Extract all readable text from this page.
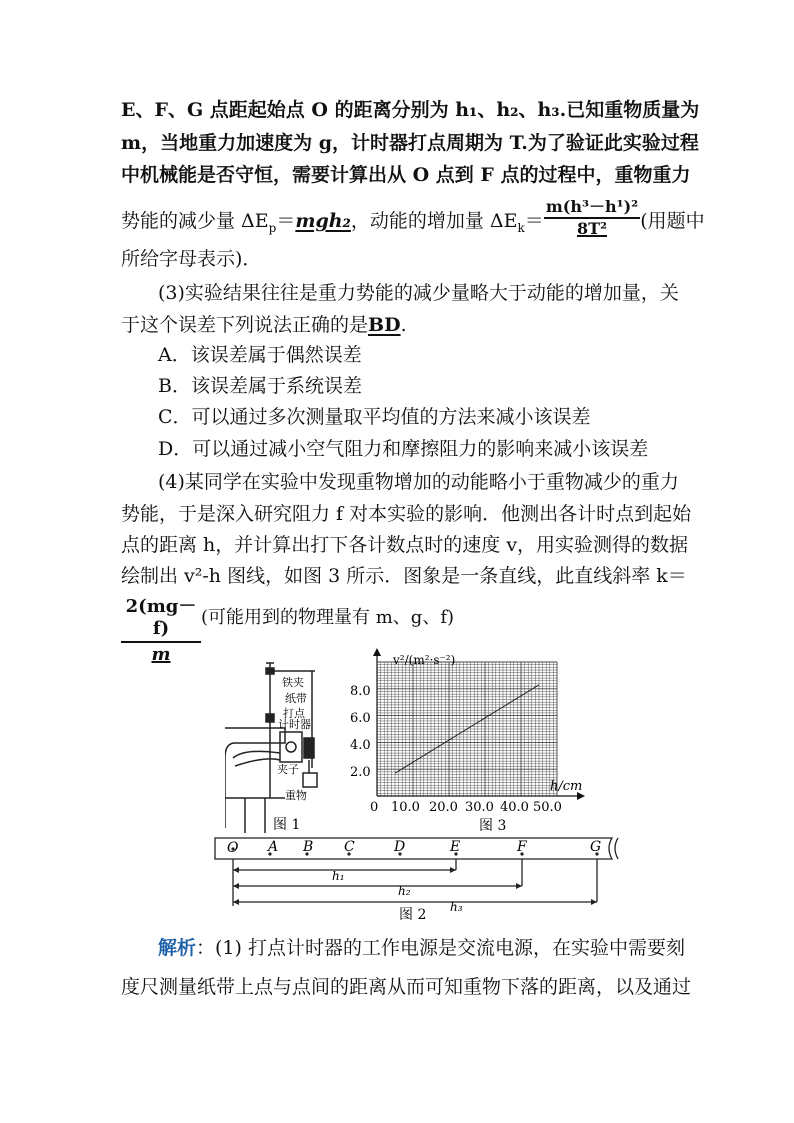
E、F、G 点距起始点 O 的距离分别为 h₁、h₂、h₃.已知重物质量为
m，当地重力加速度为 g，计时器打点周期为 T.为了验证此实验过程
中机械能是否守恒，需要计算出从 O 点到 F 点的过程中，重物重力
势能的减少量 $\Delta E_p=mgh_2$，动能的增加量 $\Delta E_k= \frac{\text{m(h³－h¹)²}}{\text{8T²}}$ (用题中
所给字母表示)．
(3)实验结果往往是重力势能的减少量略大于动能的增加量，关
于这个误差下列说法正确的是BD.
A．该误差属于偶然误差
B．该误差属于系统误差
C．可以通过多次测量取平均值的方法来减小该误差
D．可以通过减小空气阻力和摩擦阻力的影响来减小该误差
(4)某同学在实验中发现重物增加的动能略小于重物减少的重力
势能，于是深入研究阻力 f 对本实验的影响．他测出各计时点到起始
点的距离 h，并计算出打下各计数点时的速度 v，用实验测得的数据
绘制出 v²-h 图线，如图 3 所示．图象是一条直线，此直线斜率 k＝
$\frac{2(mg-f)}{m}$ (可能用到的物理量有 m、g、f)
铁夹
纸带
打点
计时器
夹子
重物
图 1
v²/(m²·s⁻²)
h/cm
8.0
6.0
4.0
2.0
0 10.0 20.0 30.0 40.0 50.0
图 3
O A B C	D	E	F	G
h₁
h₂
h₃
图 2
解析：(1) 打点计时器的工作电源是交流电源，在实验中需要刻
度尺测量纸带上点与点间的距离从而可知重物下落的距离，以及通过
